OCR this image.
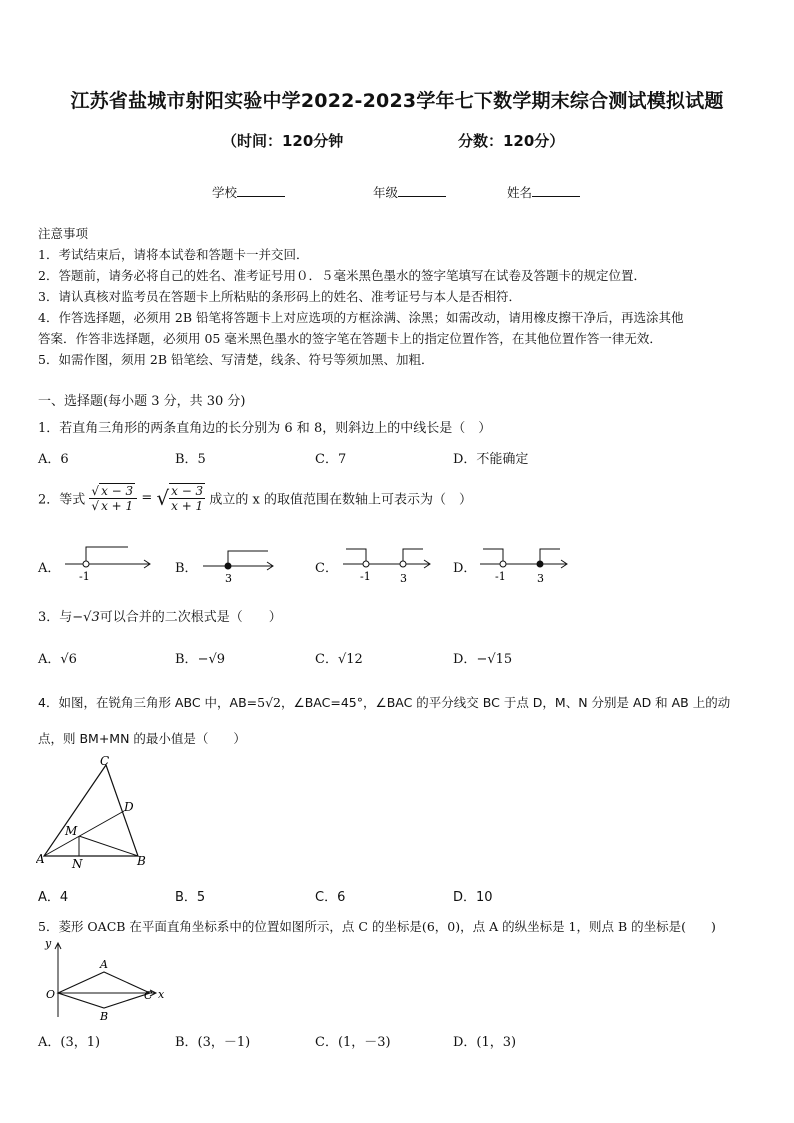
江苏省盐城市射阳实验中学2022-2023学年七下数学期末综合测试模拟试题
（时间：120分钟	分数：120分）
学校	年级	姓名
注意事项
1．考试结束后，请将本试卷和答题卡一并交回．
2．答题前，请务必将自己的姓名、准考证号用０．５毫米黑色墨水的签字笔填写在试卷及答题卡的规定位置．
3．请认真核对监考员在答题卡上所粘贴的条形码上的姓名、准考证号与本人是否相符．
4．作答选择题，必须用 2B 铅笔将答题卡上对应选项的方框涂满、涂黑；如需改动，请用橡皮擦干净后，再选涂其他
答案．作答非选择题，必须用 05 毫米黑色墨水的签字笔在答题卡上的指定位置作答，在其他位置作答一律无效．
5．如需作图，须用 2B 铅笔绘、写清楚，线条、符号等须加黑、加粗．
一、选择题(每小题 3 分，共 30 分)
1．若直角三角形的两条直角边的长分别为 6 和 8，则斜边上的中线长是（　）
A．6	B．5	C．7	D．不能确定
2．等式 $\frac{√ x - 3}{√ x + 1}$ = √ $\frac{x - 3}{x + 1}$ 成立的 x 的取值范围在数轴上可表示为（　）
A．	B．	C．	D．
-1	3	-1	3	-1	3
3．与−√3可以合并的二次根式是（　　）
A．√6	B．−√9	C．√12	D．−√15
4．如图，在锐角三角形 ABC 中，AB=5√2，∠BAC=45°，∠BAC 的平分线交 BC 于点 D，M、N 分别是 AD 和 AB 上的动
点，则 BM+MN 的最小值是（　　）
A	B
C
D
M
N
A．4	B．5	C．6	D．10
5．菱形 OACB 在平面直角坐标系中的位置如图所示，点 C 的坐标是(6，0)，点 A 的纵坐标是 1，则点 B 的坐标是(　　)
y
x
O
A
B
C
A．(3，1)	B．(3，－1)	C．(1，－3)	D．(1，3)
